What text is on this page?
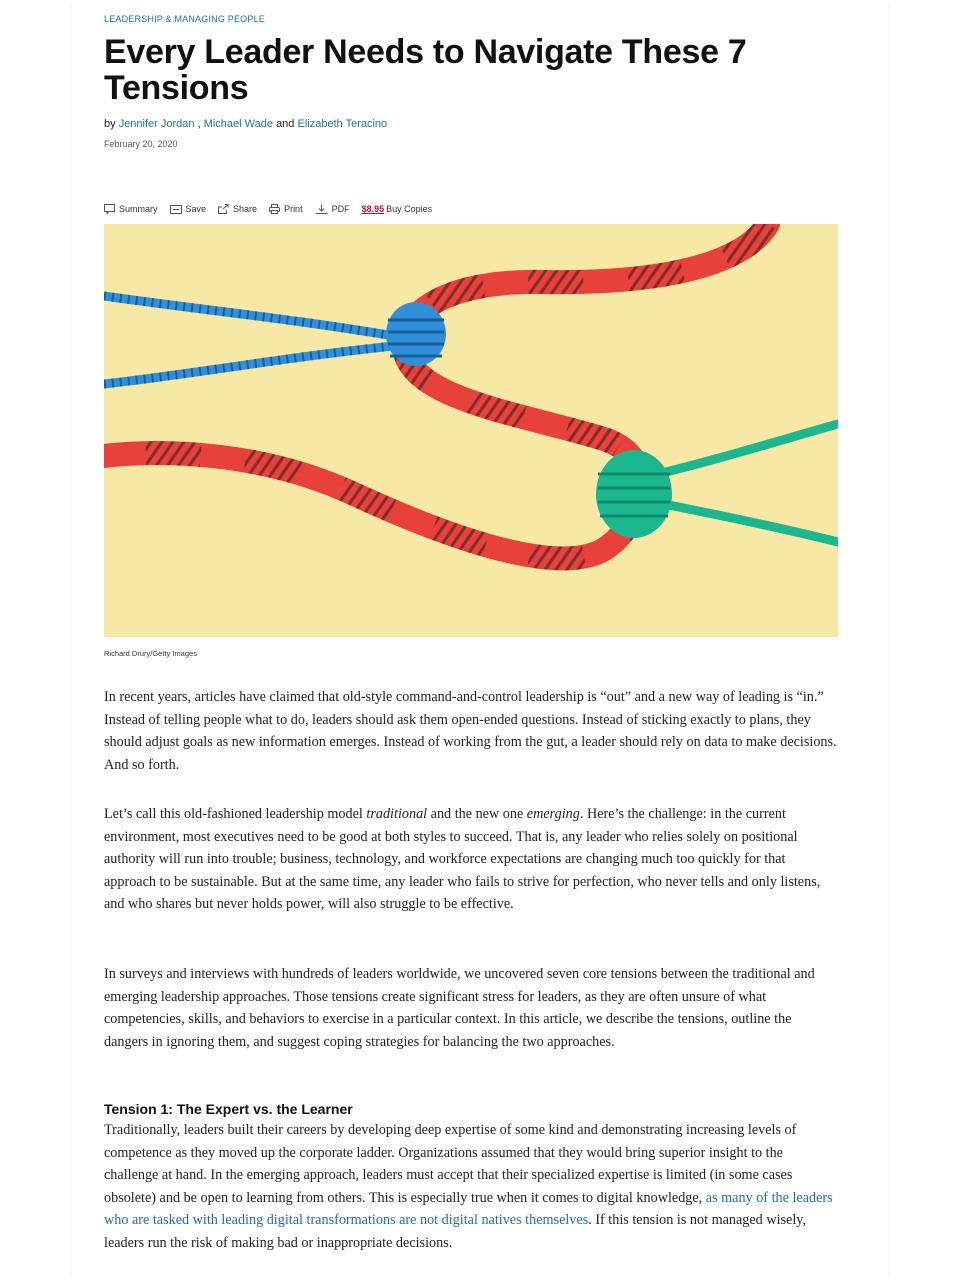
LEADERSHIP & MANAGING PEOPLE
Every Leader Needs to Navigate These 7 Tensions
by Jennifer Jordan , Michael Wade and Elizabeth Teracino
February 20, 2020
Summary	Save	Share	Print	PDF $8.95 Buy Copies
Richard Drury/Getty Images

In recent years, articles have claimed that old-style command-and-control leadership is “out” and a new way of leading is “in.” Instead of telling people what to do, leaders should ask them open-ended questions. Instead of sticking exactly to plans, they should adjust goals as new information emerges. Instead of working from the gut, a leader should rely on data to make decisions. And so forth.

Let’s call this old-fashioned leadership model traditional and the new one emerging. Here’s the challenge: in the current environment, most executives need to be good at both styles to succeed. That is, any leader who relies solely on positional authority will run into trouble; business, technology, and workforce expectations are changing much too quickly for that approach to be sustainable. But at the same time, any leader who fails to strive for perfection, who never tells and only listens, and who shares but never holds power, will also struggle to be effective.

In surveys and interviews with hundreds of leaders worldwide, we uncovered seven core tensions between the traditional and emerging leadership approaches. Those tensions create significant stress for leaders, as they are often unsure of what competencies, skills, and behaviors to exercise in a particular context. In this article, we describe the tensions, outline the dangers in ignoring them, and suggest coping strategies for balancing the two approaches.

Tension 1: The Expert vs. the Learner

Traditionally, leaders built their careers by developing deep expertise of some kind and demonstrating increasing levels of competence as they moved up the corporate ladder. Organizations assumed that they would bring superior insight to the challenge at hand. In the emerging approach, leaders must accept that their specialized expertise is limited (in some cases obsolete) and be open to learning from others. This is especially true when it comes to digital knowledge, as many of the leaders who are tasked with leading digital transformations are not digital natives themselves. If this tension is not managed wisely, leaders run the risk of making bad or inappropriate decisions.
